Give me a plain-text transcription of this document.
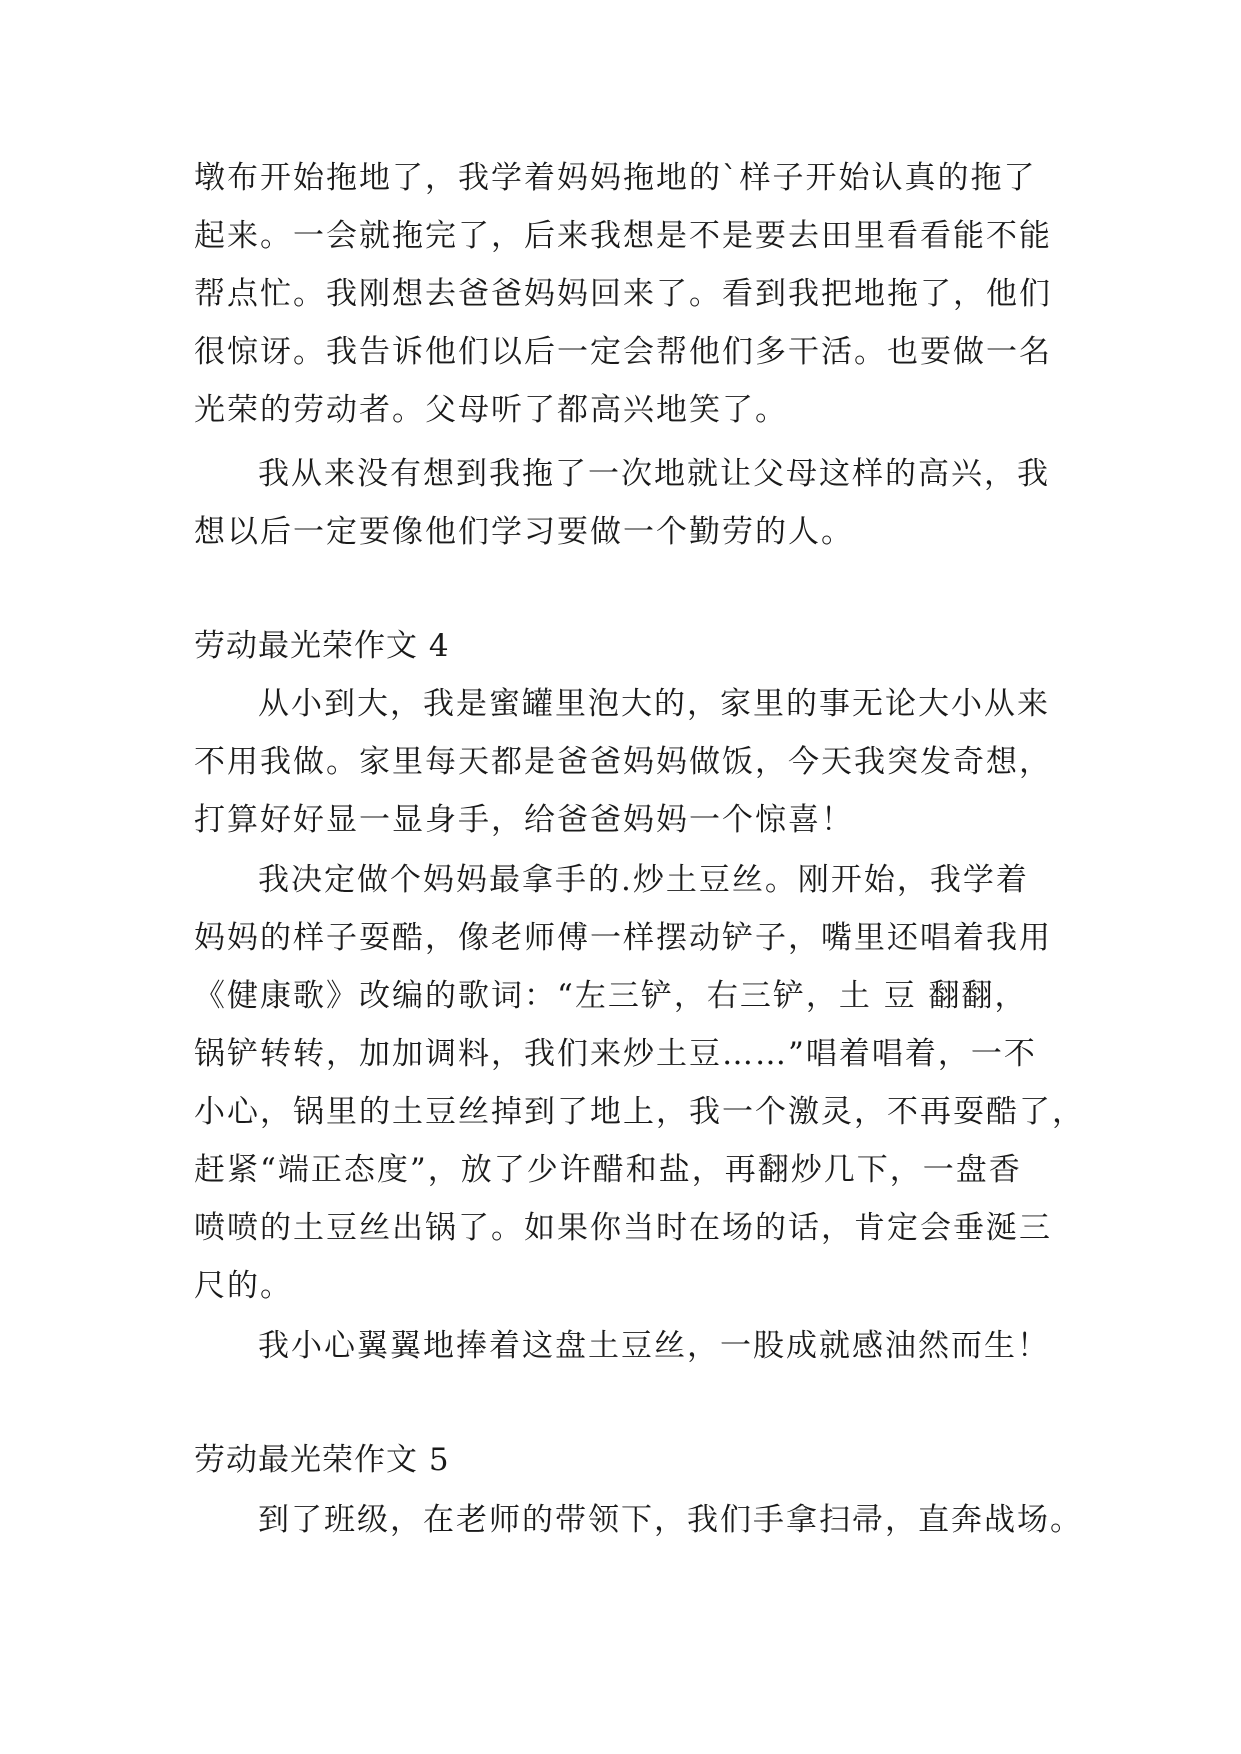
墩布开始拖地了，我学着妈妈拖地的`样子开始认真的拖了
起来。一会就拖完了，后来我想是不是要去田里看看能不能
帮点忙。我刚想去爸爸妈妈回来了。看到我把地拖了，他们
很惊讶。我告诉他们以后一定会帮他们多干活。也要做一名
光荣的劳动者。父母听了都高兴地笑了。
我从来没有想到我拖了一次地就让父母这样的高兴，我
想以后一定要像他们学习要做一个勤劳的人。
劳动最光荣作文 4
从小到大，我是蜜罐里泡大的，家里的事无论大小从来
不用我做。家里每天都是爸爸妈妈做饭，今天我突发奇想，
打算好好显一显身手，给爸爸妈妈一个惊喜！
我决定做个妈妈最拿手的.炒土豆丝。刚开始，我学着
妈妈的样子耍酷，像老师傅一样摆动铲子，嘴里还唱着我用
《健康歌》改编的歌词：“左三铲，右三铲，土 豆 翻翻，
锅铲转转，加加调料，我们来炒土豆……”唱着唱着，一不
小心，锅里的土豆丝掉到了地上，我一个激灵，不再耍酷了，
赶紧“端正态度”，放了少许醋和盐，再翻炒几下，一盘香
喷喷的土豆丝出锅了。如果你当时在场的话，肯定会垂涎三
尺的。
我小心翼翼地捧着这盘土豆丝，一股成就感油然而生！
劳动最光荣作文 5
到了班级，在老师的带领下，我们手拿扫帚，直奔战场。
